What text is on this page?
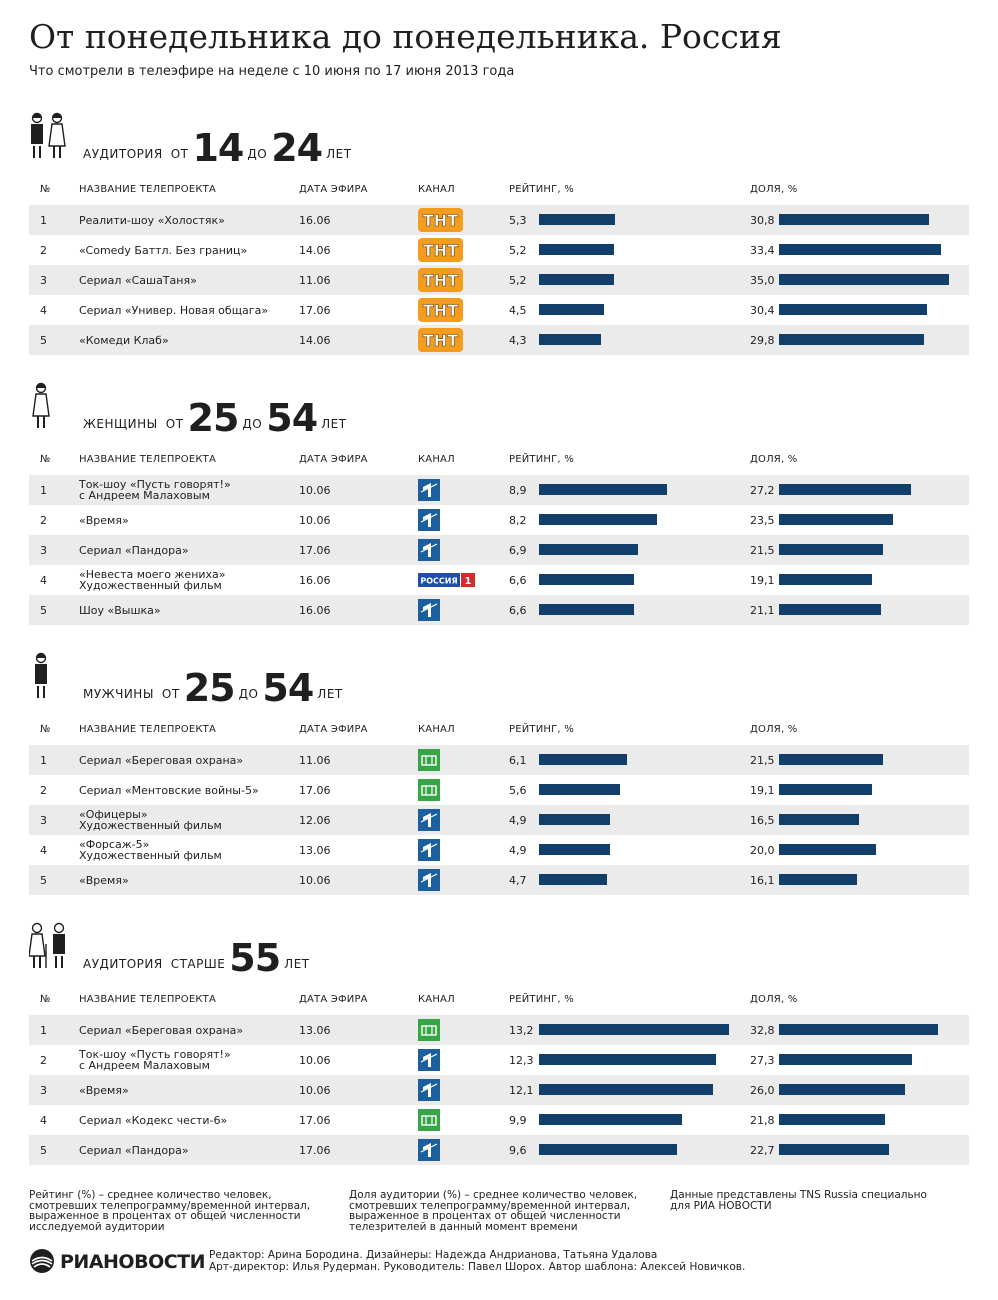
От понедельника до понедельника. Россия
Что смотрели в телеэфире на неделе с 10 июня по 17 июня 2013 года
АУДИТОРИЯ ОТ 14 ДО 24 ЛЕТ
№	НАЗВАНИЕ ТЕЛЕПРОЕКТА	ДАТА ЭФИРА	КАНАЛ	РЕЙТИНГ, %	ДОЛЯ, %
1	Реалити-шоу «Холостяк»	16.06	ТНТ	5,3	30,8
2	«Comedy Баттл. Без границ»	14.06	ТНТ	5,2	33,4
3	Сериал «СашаТаня»	11.06	ТНТ	5,2	35,0
4	Сериал «Универ. Новая общага»	17.06	ТНТ	4,5	30,4
5	«Комеди Клаб»	14.06	ТНТ	4,3	29,8
ЖЕНЩИНЫ ОТ 25 ДО 54 ЛЕТ
№	НАЗВАНИЕ ТЕЛЕПРОЕКТА	ДАТА ЭФИРА	КАНАЛ	РЕЙТИНГ, %	ДОЛЯ, %
1	Ток-шоу «Пусть говорят!»
с Андреем Малаховым	10.06	8,9	27,2
2	«Время»	10.06	8,2	23,5
3	Сериал «Пандора»	17.06	6,9	21,5
4	«Невеста моего жениха»
Художественный фильм	16.06	РОССИЯ 1	6,6	19,1
5	Шоу «Вышка»	16.06	6,6	21,1
МУЖЧИНЫ ОТ 25 ДО 54 ЛЕТ
№	НАЗВАНИЕ ТЕЛЕПРОЕКТА	ДАТА ЭФИРА	КАНАЛ	РЕЙТИНГ, %	ДОЛЯ, %
1	Сериал «Береговая охрана»	11.06	6,1	21,5
2	Сериал «Ментовские войны-5»	17.06	5,6	19,1
3	«Офицеры»
Художественный фильм	12.06	4,9	16,5
4	«Форсаж-5»
Художественный фильм	13.06	4,9	20,0
5	«Время»	10.06	4,7	16,1
АУДИТОРИЯ СТАРШЕ 55 ЛЕТ
№	НАЗВАНИЕ ТЕЛЕПРОЕКТА	ДАТА ЭФИРА	КАНАЛ	РЕЙТИНГ, %	ДОЛЯ, %
1	Сериал «Береговая охрана»	13.06	13,2	32,8
2	Ток-шоу «Пусть говорят!»
с Андреем Малаховым	10.06	12,3	27,3
3	«Время»	10.06	12,1	26,0
4	Сериал «Кодекс чести-6»	17.06	9,9	21,8
5	Сериал «Пандора»	17.06	9,6	22,7
Рейтинг (%) – среднее количество человек,
смотревших телепрограмму/временной интервал,
выраженное в процентах от общей численности
исследуемой аудитории
Доля аудитории (%) – среднее количество человек,
смотревших телепрограмму/временной интервал,
выраженное в процентах от общей численности
телезрителей в данный момент времени
Данные представлены TNS Russia специально
для РИА НОВОСТИ
РИАНОВОСТИ Редактор: Арина Бородина. Дизайнеры: Надежда Андрианова, Татьяна Удалова
Арт-директор: Илья Рудерман. Руководитель: Павел Шорох. Автор шаблона: Алексей Новичков.
